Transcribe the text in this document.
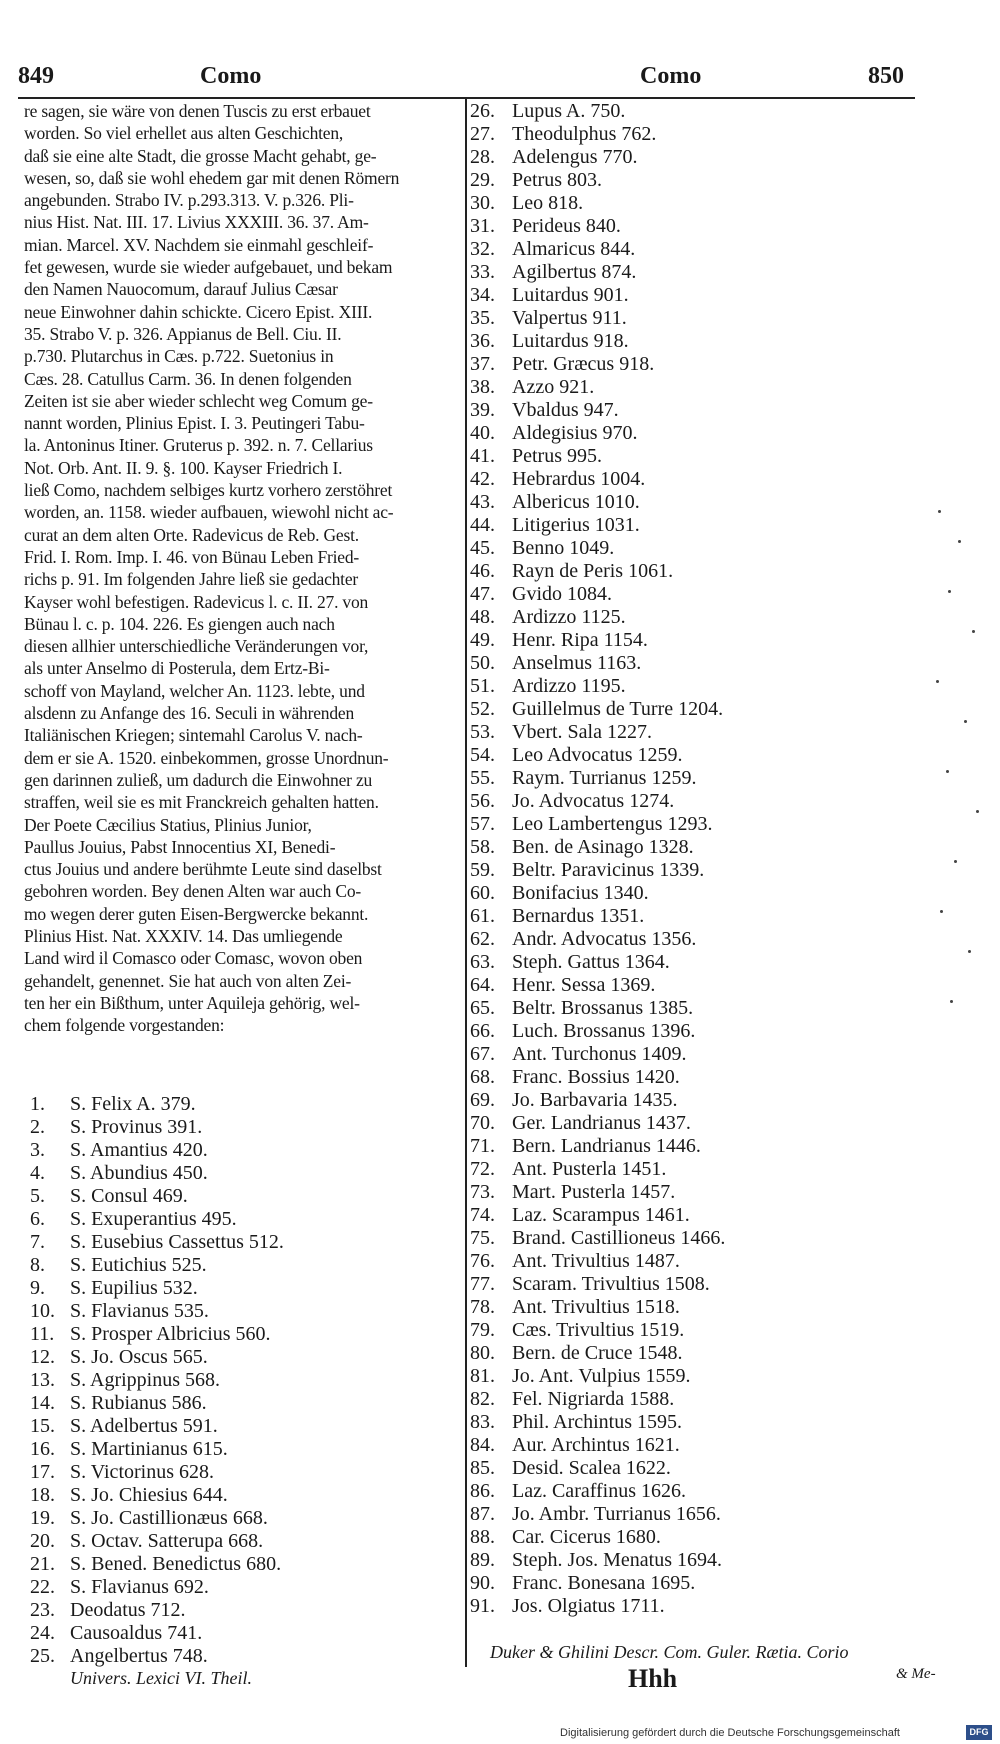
849	Como	Como	850
re sagen, sie wäre von denen Tuscis zu erst erbauet
worden. So viel erhellet aus alten Geschichten,
daß sie eine alte Stadt, die grosse Macht gehabt, ge-
wesen, so, daß sie wohl ehedem gar mit denen Römern
angebunden. Strabo IV. p.293.313. V. p.326. Pli-
nius Hist. Nat. III. 17. Livius XXXIII. 36. 37. Am-
mian. Marcel. XV. Nachdem sie einmahl geschleif-
fet gewesen, wurde sie wieder aufgebauet, und bekam
den Namen Nauocomum, darauf Julius Cæsar
neue Einwohner dahin schickte. Cicero Epist. XIII.
35. Strabo V. p. 326. Appianus de Bell. Ciu. II.
p.730. Plutarchus in Cæs. p.722. Suetonius in
Cæs. 28. Catullus Carm. 36. In denen folgenden
Zeiten ist sie aber wieder schlecht weg Comum ge-
nannt worden, Plinius Epist. I. 3. Peutingeri Tabu-
la. Antoninus Itiner. Gruterus p. 392. n. 7. Cellarius
Not. Orb. Ant. II. 9. §. 100. Kayser Friedrich I.
ließ Como, nachdem selbiges kurtz vorhero zerstöhret
worden, an. 1158. wieder aufbauen, wiewohl nicht ac-
curat an dem alten Orte. Radevicus de Reb. Gest.
Frid. I. Rom. Imp. I. 46. von Bünau Leben Fried-
richs p. 91. Im folgenden Jahre ließ sie gedachter
Kayser wohl befestigen. Radevicus l. c. II. 27. von
Bünau l. c. p. 104. 226. Es giengen auch nach
diesen allhier unterschiedliche Veränderungen vor,
als unter Anselmo di Posterula, dem Ertz-Bi-
schoff von Mayland, welcher An. 1123. lebte, und
alsdenn zu Anfange des 16. Seculi in währenden
Italiänischen Kriegen; sintemahl Carolus V. nach-
dem er sie A. 1520. einbekommen, grosse Unordnun-
gen darinnen zuließ, um dadurch die Einwohner zu
straffen, weil sie es mit Franckreich gehalten hatten.
Der Poete Cæcilius Statius, Plinius Junior,
Paullus Jouius, Pabst Innocentius XI, Benedi-
ctus Jouius und andere berühmte Leute sind daselbst
gebohren worden. Bey denen Alten war auch Co-
mo wegen derer guten Eisen-Bergwercke bekannt.
Plinius Hist. Nat. XXXIV. 14. Das umliegende
Land wird il Comasco oder Comasc, wovon oben
gehandelt, genennet. Sie hat auch von alten Zei-
ten her ein Bißthum, unter Aquileja gehörig, wel-
chem folgende vorgestanden:
1. S. Felix A. 379.
2. S. Provinus 391.
3. S. Amantius 420.
4. S. Abundius 450.
5. S. Consul 469.
6. S. Exuperantius 495.
7. S. Eusebius Cassettus 512.
8. S. Eutichius 525.
9. S. Eupilius 532.
10. S. Flavianus 535.
11. S. Prosper Albricius 560.
12. S. Jo. Oscus 565.
13. S. Agrippinus 568.
14. S. Rubianus 586.
15. S. Adelbertus 591.
16. S. Martinianus 615.
17. S. Victorinus 628.
18. S. Jo. Chiesius 644.
19. S. Jo. Castillionæus 668.
20. S. Octav. Satterupa 668.
21. S. Bened. Benedictus 680.
22. S. Flavianus 692.
23. Deodatus 712.
24. Causoaldus 741.
25. Angelbertus 748.
26. Lupus A. 750.
27. Theodulphus 762.
28. Adelengus 770.
29. Petrus 803.
30. Leo 818.
31. Perideus 840.
32. Almaricus 844.
33. Agilbertus 874.
34. Luitardus 901.
35. Valpertus 911.
36. Luitardus 918.
37. Petr. Græcus 918.
38. Azzo 921.
39. Vbaldus 947.
40. Aldegisius 970.
41. Petrus 995.
42. Hebrardus 1004.
43. Albericus 1010.
44. Litigerius 1031.
45. Benno 1049.
46. Rayn de Peris 1061.
47. Gvido 1084.
48. Ardizzo 1125.
49. Henr. Ripa 1154.
50. Anselmus 1163.
51. Ardizzo 1195.
52. Guillelmus de Turre 1204.
53. Vbert. Sala 1227.
54. Leo Advocatus 1259.
55. Raym. Turrianus 1259.
56. Jo. Advocatus 1274.
57. Leo Lambertengus 1293.
58. Ben. de Asinago 1328.
59. Beltr. Paravicinus 1339.
60. Bonifacius 1340.
61. Bernardus 1351.
62. Andr. Advocatus 1356.
63. Steph. Gattus 1364.
64. Henr. Sessa 1369.
65. Beltr. Brossanus 1385.
66. Luch. Brossanus 1396.
67. Ant. Turchonus 1409.
68. Franc. Bossius 1420.
69. Jo. Barbavaria 1435.
70. Ger. Landrianus 1437.
71. Bern. Landrianus 1446.
72. Ant. Pusterla 1451.
73. Mart. Pusterla 1457.
74. Laz. Scarampus 1461.
75. Brand. Castillioneus 1466.
76. Ant. Trivultius 1487.
77. Scaram. Trivultius 1508.
78. Ant. Trivultius 1518.
79. Cæs. Trivultius 1519.
80. Bern. de Cruce 1548.
81. Jo. Ant. Vulpius 1559.
82. Fel. Nigriarda 1588.
83. Phil. Archintus 1595.
84. Aur. Archintus 1621.
85. Desid. Scalea 1622.
86. Laz. Caraffinus 1626.
87. Jo. Ambr. Turrianus 1656.
88. Car. Cicerus 1680.
89. Steph. Jos. Menatus 1694.
90. Franc. Bonesana 1695.
91. Jos. Olgiatus 1711.
Duker & Ghilini Descr. Com. Guler. Rætia. Corio
& Me-
Hhh
Univers. Lexici VI. Theil.
Digitalisierung gefördert durch die Deutsche Forschungsgemeinschaft	DFG
